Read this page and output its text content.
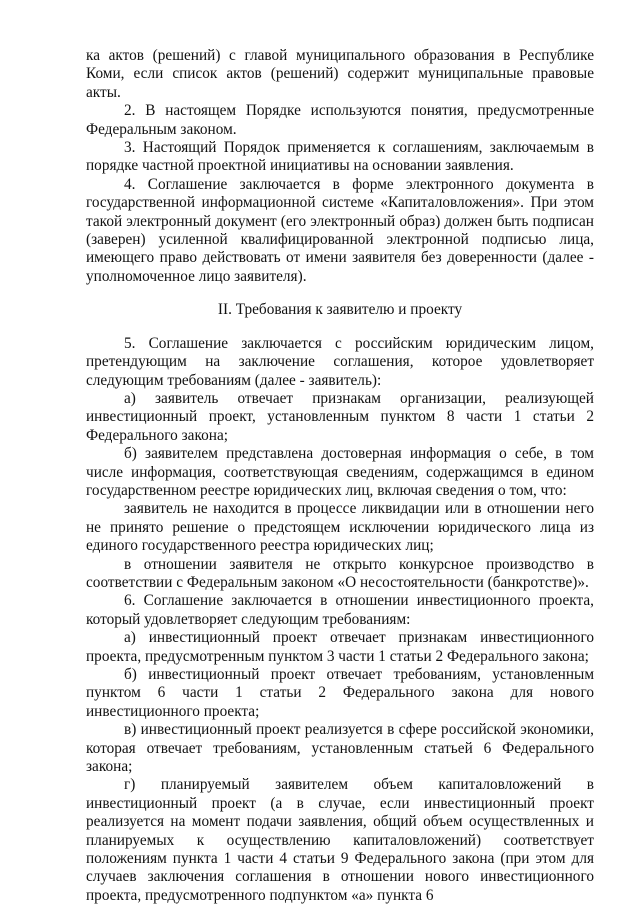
ка актов (решений) с главой муниципального образования в Республике Коми, если список актов (решений) содержит муниципальные правовые акты.

2. В настоящем Порядке используются понятия, предусмотренные Федеральным законом.

3. Настоящий Порядок применяется к соглашениям, заключаемым в порядке частной проектной инициативы на основании заявления.

4. Соглашение заключается в форме электронного документа в государственной информационной системе «Капиталовложения». При этом такой электронный документ (его электронный образ) должен быть подписан (заверен) усиленной квалифицированной электронной подписью лица, имеющего право действовать от имени заявителя без доверенности (далее - уполномоченное лицо заявителя).

II. Требования к заявителю и проекту

5. Соглашение заключается с российским юридическим лицом, претендующим на заключение соглашения, которое удовлетворяет следующим требованиям (далее - заявитель):

а) заявитель отвечает признакам организации, реализующей инвестиционный проект, установленным пунктом 8 части 1 статьи 2 Федерального закона;

б) заявителем представлена достоверная информация о себе, в том числе информация, соответствующая сведениям, содержащимся в едином государственном реестре юридических лиц, включая сведения о том, что:

заявитель не находится в процессе ликвидации или в отношении него не принято решение о предстоящем исключении юридического лица из единого государственного реестра юридических лиц;

в отношении заявителя не открыто конкурсное производство в соответствии с Федеральным законом «О несостоятельности (банкротстве)».

6. Соглашение заключается в отношении инвестиционного проекта, который удовлетворяет следующим требованиям:

а) инвестиционный проект отвечает признакам инвестиционного проекта, предусмотренным пунктом 3 части 1 статьи 2 Федерального закона;

б) инвестиционный проект отвечает требованиям, установленным пунктом 6 части 1 статьи 2 Федерального закона для нового инвестиционного проекта;

в) инвестиционный проект реализуется в сфере российской экономики, которая отвечает требованиям, установленным статьей 6 Федерального закона;

г) планируемый заявителем объем капиталовложений в инвестиционный проект (а в случае, если инвестиционный проект реализуется на момент подачи заявления, общий объем осуществленных и планируемых к осуществлению капиталовложений) соответствует положениям пункта 1 части 4 статьи 9 Федерального закона (при этом для случаев заключения соглашения в отношении нового инвестиционного проекта, предусмотренного подпунктом «а» пункта 6
